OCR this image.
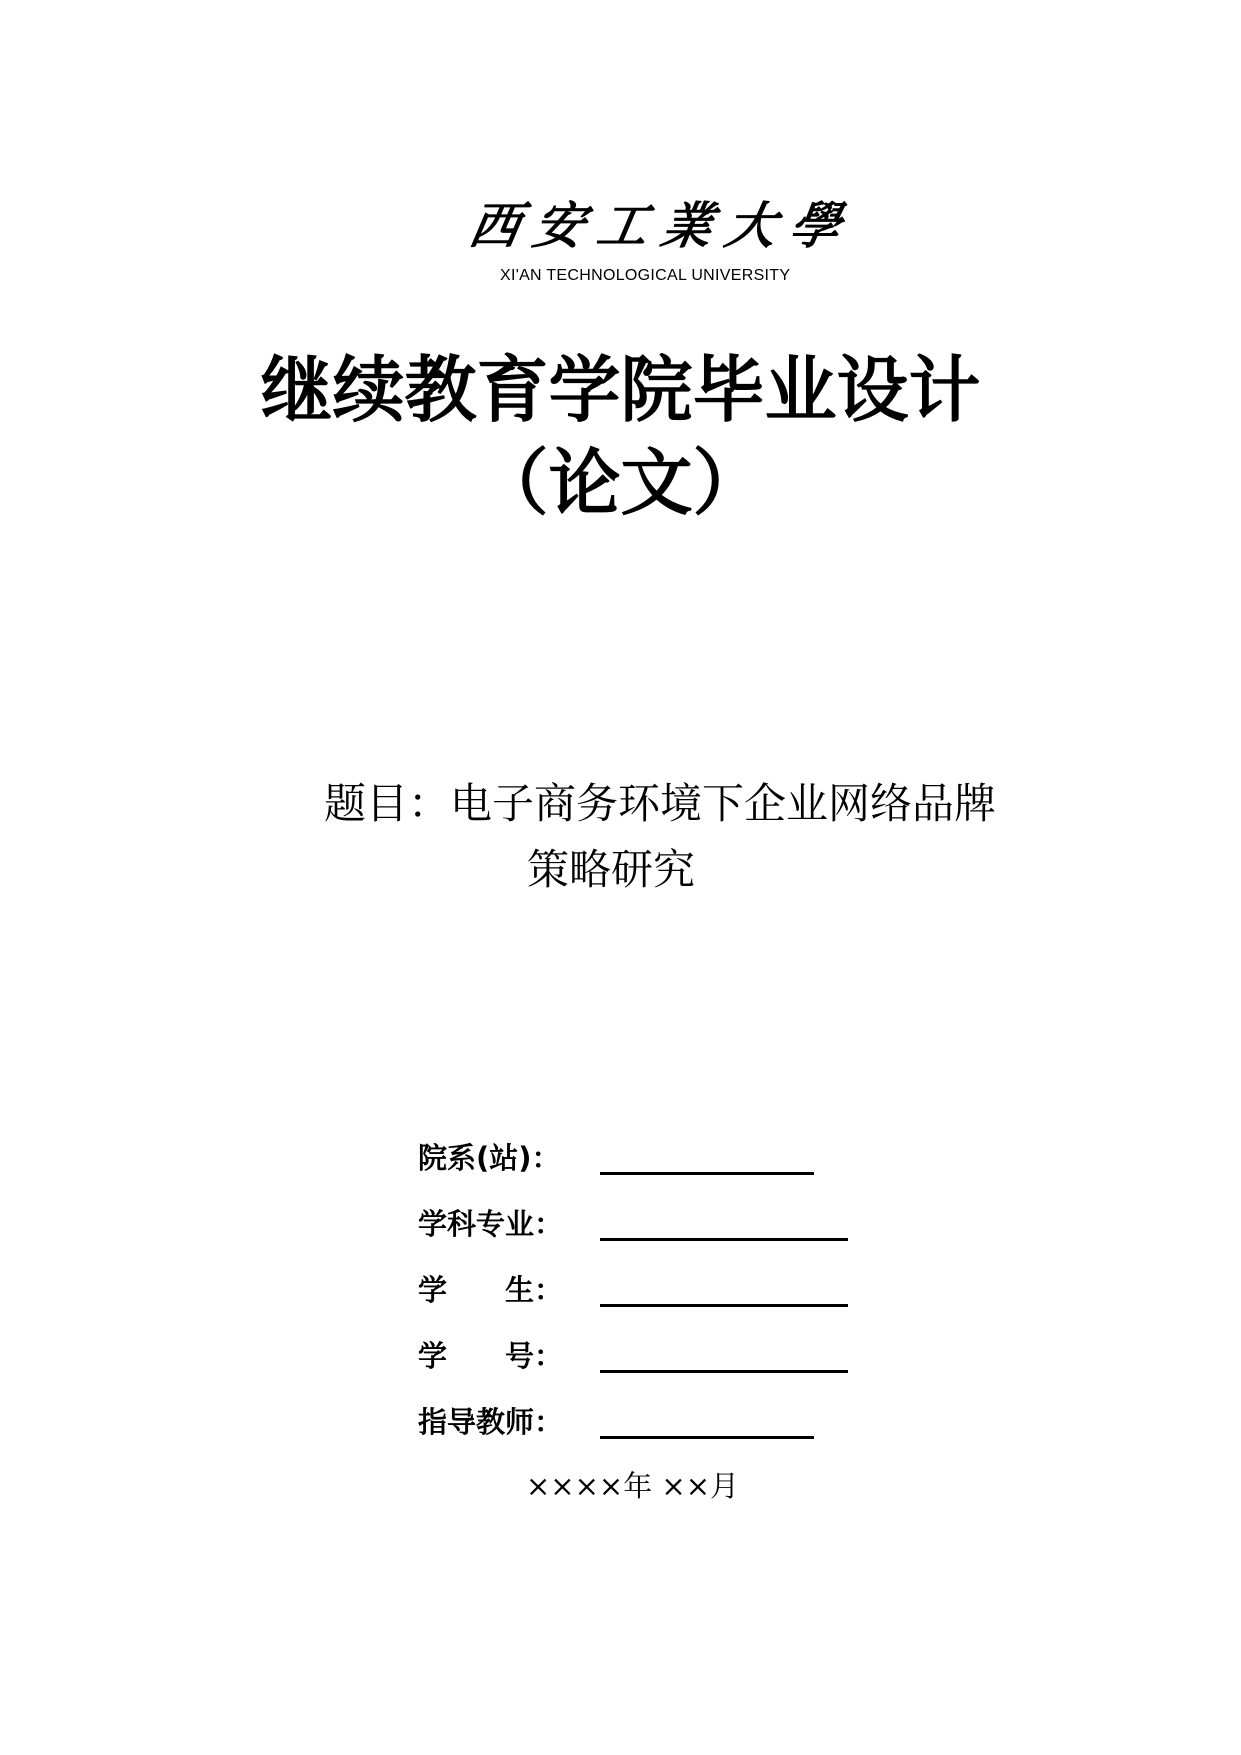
西安工業大學
XI'AN TECHNOLOGICAL UNIVERSITY
继续教育学院毕业设计
（论文）
题目：电子商务环境下企业网络品牌
策略研究
院系(站)：
学科专业：
学　　生：
学　　号：
指导教师：
××××年 ××月
